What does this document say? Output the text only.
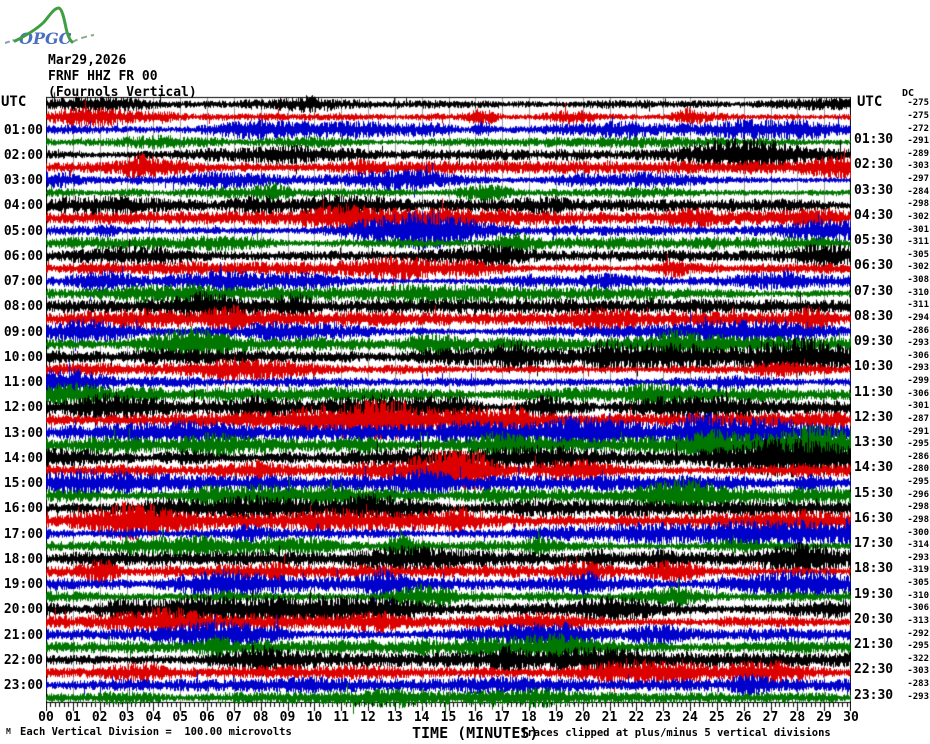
OPGC
Mar29,2026
FRNF HHZ FR 00
UTC	UTC
DC
M Each Vertical Division =  100.00 microvolts	TIME (MINUTES)
Traces clipped at plus/minus 5 vertical divisions
-275
-275
01:00	-272
01:30	-291
02:00	-289
02:30	-303
03:00	-297
03:30	-284
04:00	-298
04:30	-302
05:00	-301
05:30	-311
06:00	-305
06:30	-302
07:00	-308
07:30	-310
08:00	-311
08:30	-294
09:00	-286
09:30	-293
10:00	-306
10:30	-293
11:00	-299
11:30	-306
12:00	-301
12:30	-287
13:00	-291
13:30	-295
14:00	-286
14:30	-280
15:00	-295
15:30	-296
16:00	-298
16:30	-298
17:00	-300
17:30	-314
18:00	-293
18:30	-319
19:00	-305
19:30	-310
20:00	-306
20:30	-313
21:00	-292
21:30	-295
22:00	-322
22:30	-303
23:00	-283
23:30	-293
00 01 02 03 04 05 06 07 08 09 10 11 12 13 14 15 16 17 18 19 20 21 22 23 24 25 26 27 28 29 30
